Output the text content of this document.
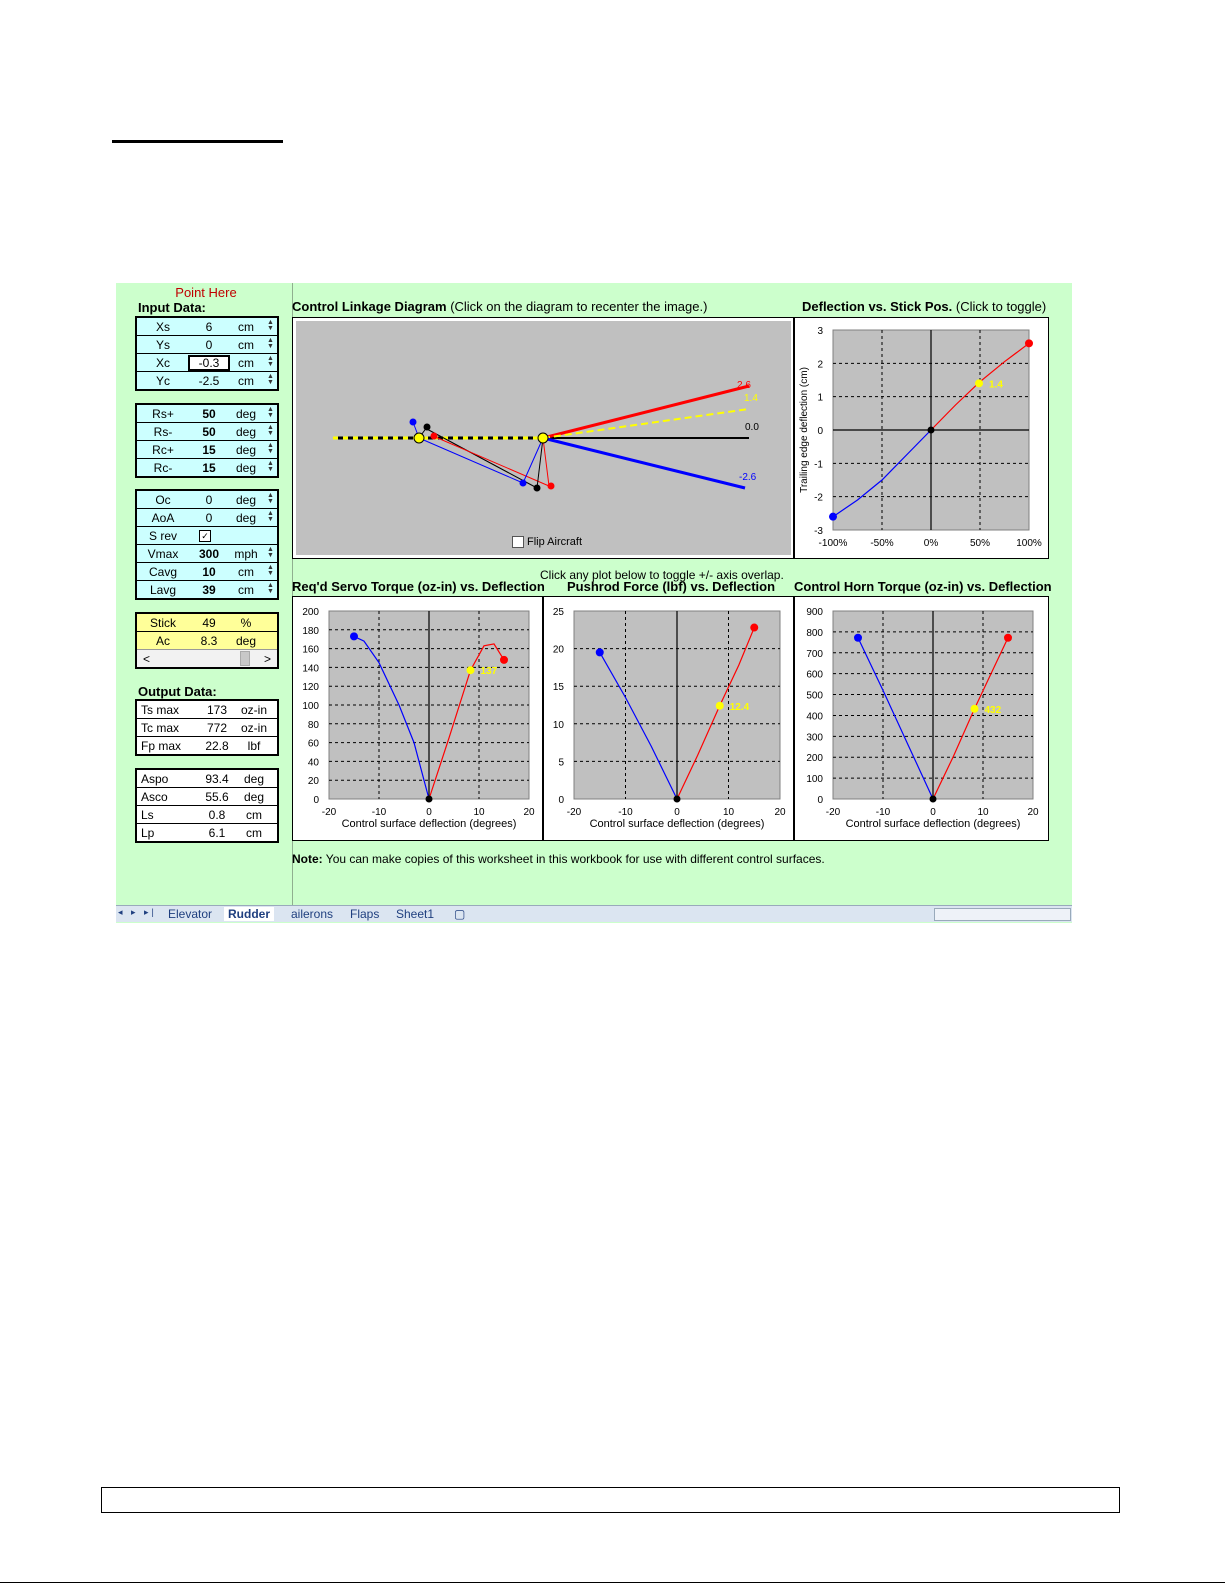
Point Here
Input Data:
Xs	6	cm	▲
▼
Ys	0	cm	▲
▼
Xc	-0.3	cm	▲
▼
Yc	-2.5	cm	▲
▼
Rs+	50	deg	▲
▼
Rs-	50	deg	▲
▼
Rc+	15	deg	▲
▼
Rc-	15	deg	▲
▼
Oc	0	deg	▲
▼
AoA	0	deg	▲
▼
S rev	✓
Vmax	300	mph	▲
▼
Cavg	10	cm	▲
▼
Lavg	39	cm	▲
▼
Stick	49	%
Ac	8.3	deg
<	>
Output Data:
Ts max	173	oz-in
Tc max	772	oz-in
Fp max	22.8	lbf
Aspo	93.4	deg
Asco	55.6	deg
Ls	0.8	cm
Lp	6.1	cm
Control Linkage Diagram (Click on the diagram to recenter the image.)	Deflection vs. Stick Pos. (Click to toggle)
2.6
1.4
0.0
-2.6
Flip Aircraft	-100% -50%	0%	50%	100%
3
2
1
0
-1
-2
-3
1.4
Trailing edge deflection (cm)
Click any plot below to toggle +/- axis overlap.
Req'd Servo Torque (oz-in) vs. Deflection Pushrod Force (lbf) vs. Deflection Control Horn Torque (oz-in) vs. Deflection
-20	-10	0	10	20
200
180
160
140
120
100
80
60
40
20
0
137
Control surface deflection (degrees)
-20	-10	0	10	20
25
20
15
10
5
0
12.4
Control surface deflection (degrees)
-20	-10	0	10	20
900
800
700
600
500
400
300
200
100
0
432
Control surface deflection (degrees)
Note: You can make copies of this worksheet in this workbook for use with different control surfaces.
◂ ▸ ▸| Elevator	Rudder	ailerons Flaps Sheet1 ▢
